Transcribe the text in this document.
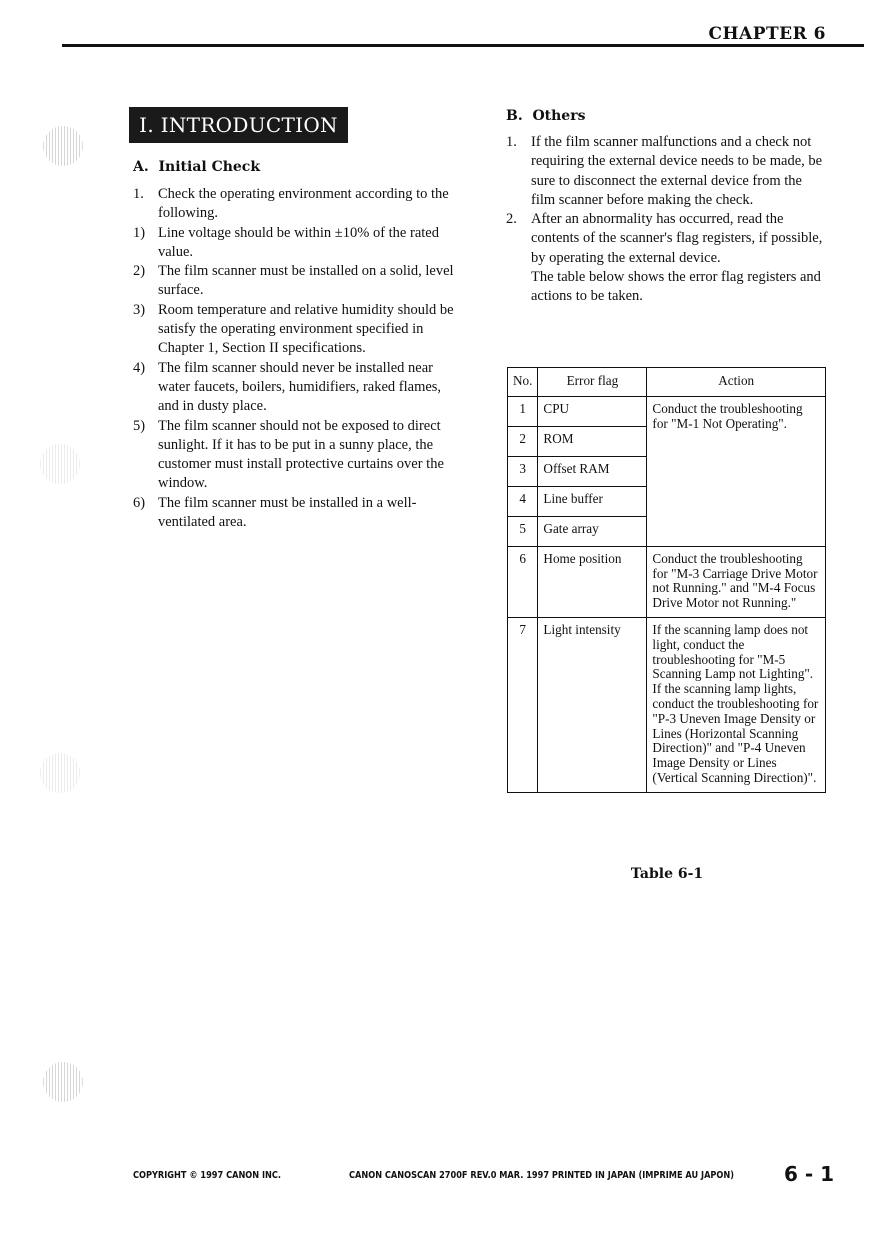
CHAPTER 6
I. INTRODUCTION
A.  Initial Check
1. Check the operating environment according to the following.
1) Line voltage should be within ±10% of the rated value.
2) The film scanner must be installed on a solid, level surface.
3) Room temperature and relative humidity should be satisfy the operating environment specified in Chapter 1, Section II specifications.
4) The film scanner should never be installed near water faucets, boilers, humidifiers, raked flames, and in dusty place.
5) The film scanner should not be exposed to direct sunlight. If it has to be put in a sunny place, the customer must install protective curtains over the window.
6) The film scanner must be installed in a well-ventilated area.
B.  Others
1. If the film scanner malfunctions and a check not requiring the external device needs to be made, be sure to disconnect the external device from the film scanner before making the check.
2. After an abnormality has occurred, read the contents of the scanner's flag registers, if possible, by operating the external device.
The table below shows the error flag registers and actions to be taken.
No.	Error flag	Action
1	CPU	Conduct the troubleshooting for "M-1 Not Operating".
2	ROM	
3	Offset RAM	
4	Line buffer	
5	Gate array	
6	Home position	Conduct the troubleshooting for "M-3 Carriage Drive Motor not Running." and "M-4 Focus Drive Motor not Running."
7	Light intensity	If the scanning lamp does not light, conduct the troubleshooting for "M-5 Scanning Lamp not Lighting". If the scanning lamp lights, conduct the troubleshooting for "P-3 Uneven Image Density or Lines (Horizontal Scanning Direction)" and "P-4 Uneven Image Density or Lines (Vertical Scanning Direction)".
Table 6-1
COPYRIGHT © 1997 CANON INC.	CANON CANOSCAN 2700F REV.0 MAR. 1997 PRINTED IN JAPAN (IMPRIME AU JAPON) 6 - 1
